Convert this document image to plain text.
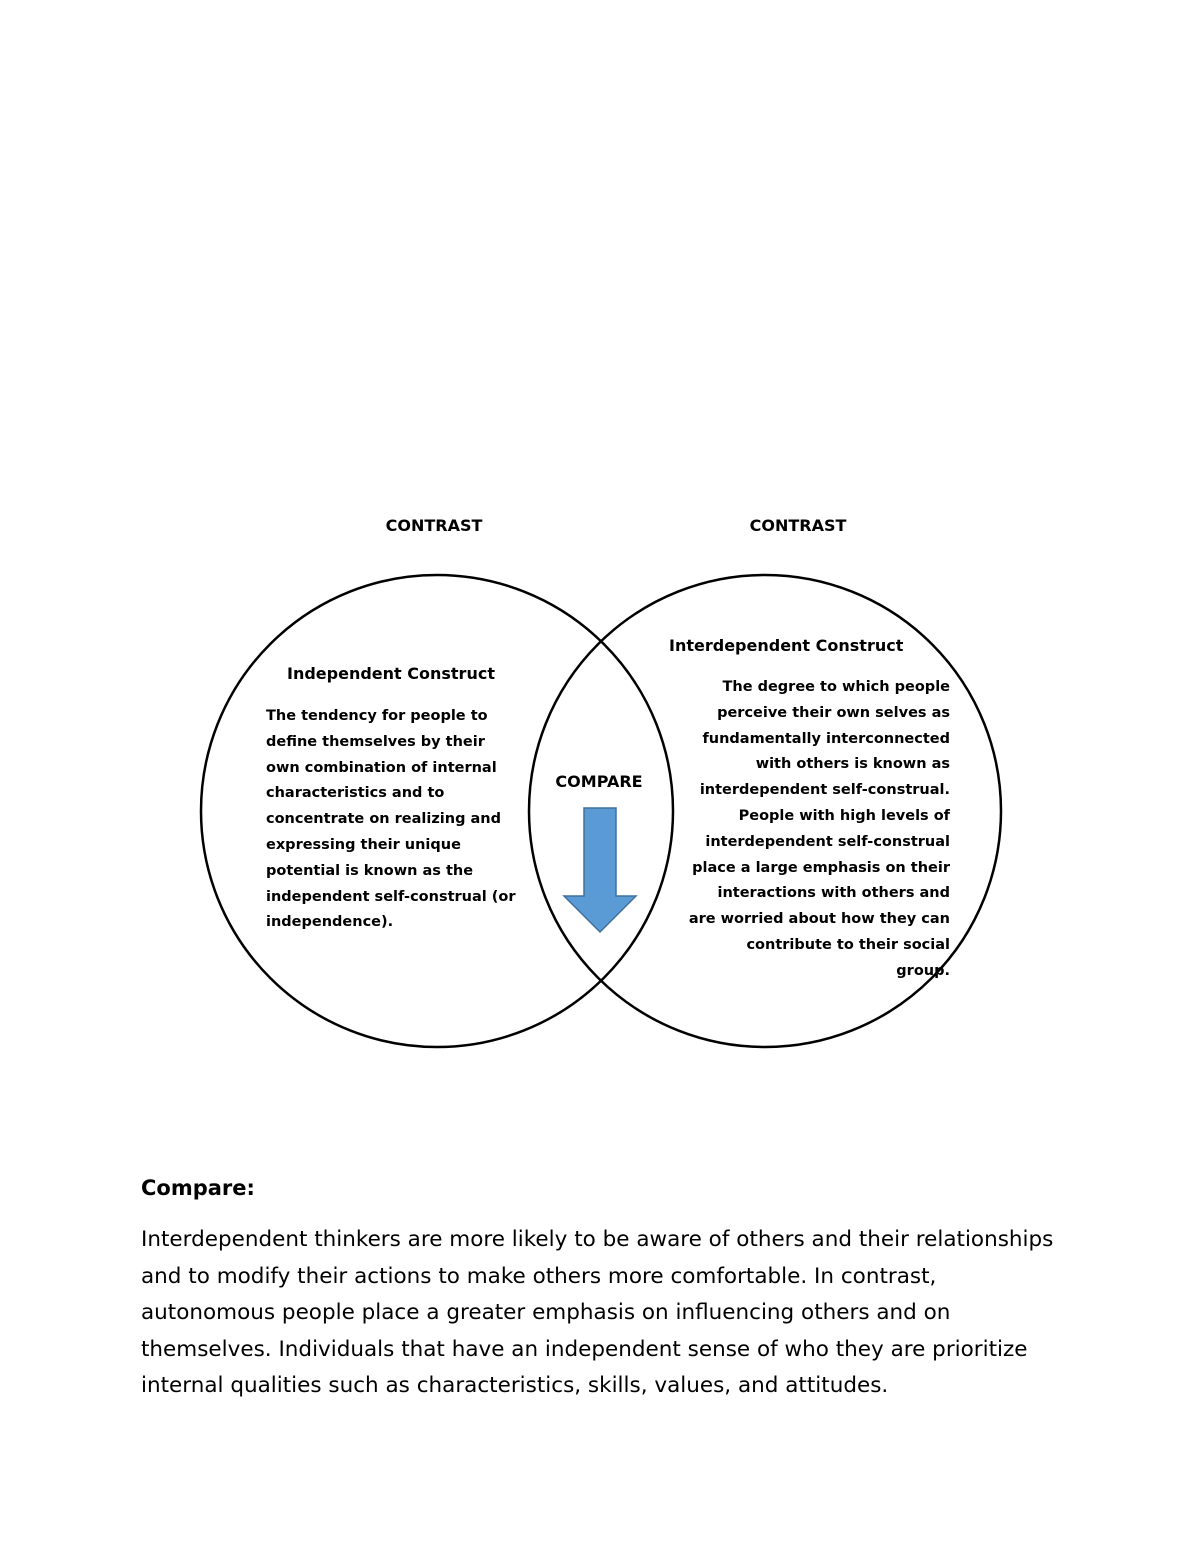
CONTRAST	CONTRAST
Independent Construct
The tendency for people to define themselves by their own combination of internal characteristics and to concentrate on realizing and expressing their unique potential is known as the independent self-construal (or independence).
Interdependent Construct
The degree to which people perceive their own selves as fundamentally interconnected with others is known as interdependent self-construal. People with high levels of interdependent self-construal place a large emphasis on their interactions with others and are worried about how they can contribute to their social group.
COMPARE
Compare:

Interdependent thinkers are more likely to be aware of others and their relationships and to modify their actions to make others more comfortable. In contrast, autonomous people place a greater emphasis on influencing others and on themselves. Individuals that have an independent sense of who they are prioritize internal qualities such as characteristics, skills, values, and attitudes.
